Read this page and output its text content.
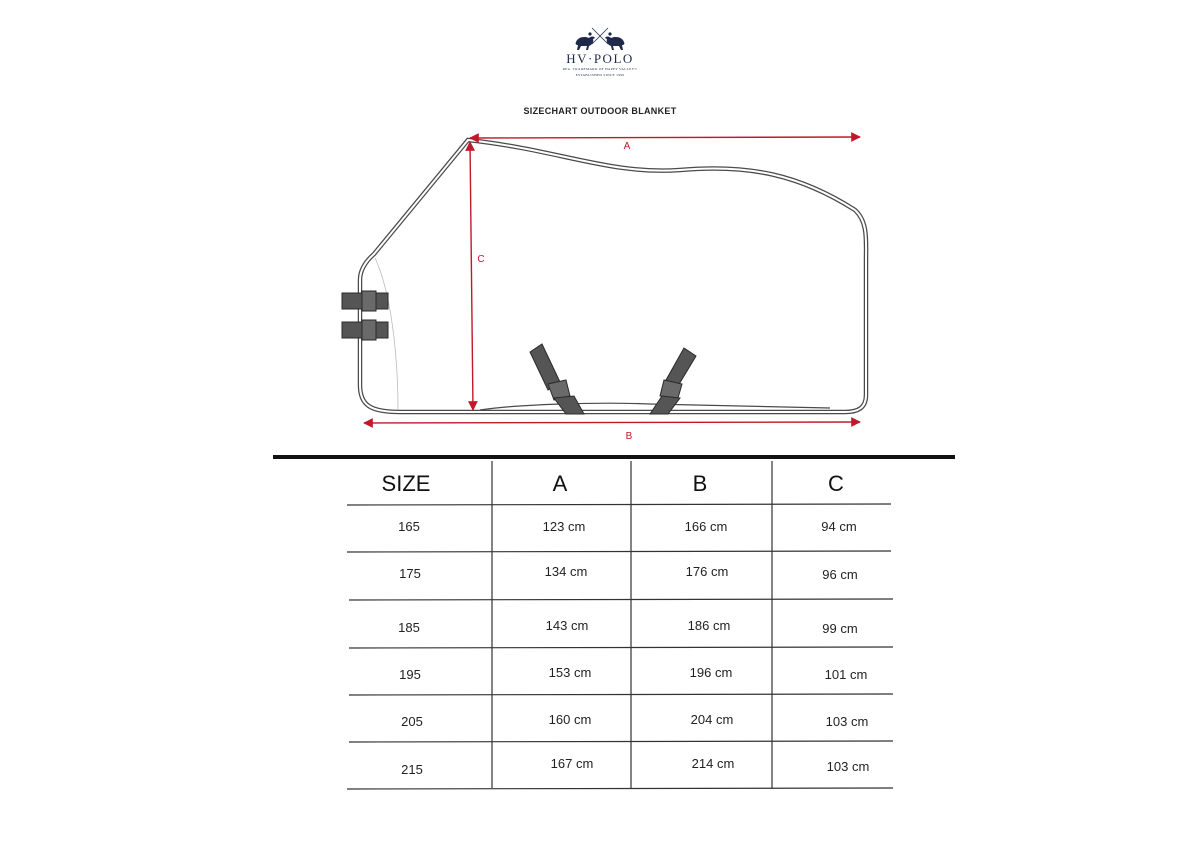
HV·POLO
REG. TRADEMARK OF HAPPY VALLEY®
ESTABLISHED SINCE 1999
SIZECHART OUTDOOR BLANKET
A
C
B
SIZE	A	B	C
165	123 cm	166 cm	94 cm
175	134 cm	176 cm	96 cm
185	143 cm	186 cm	99 cm
195	153 cm	196 cm	101 cm
205	160 cm	204 cm	103 cm
215	167 cm	214 cm	103 cm
